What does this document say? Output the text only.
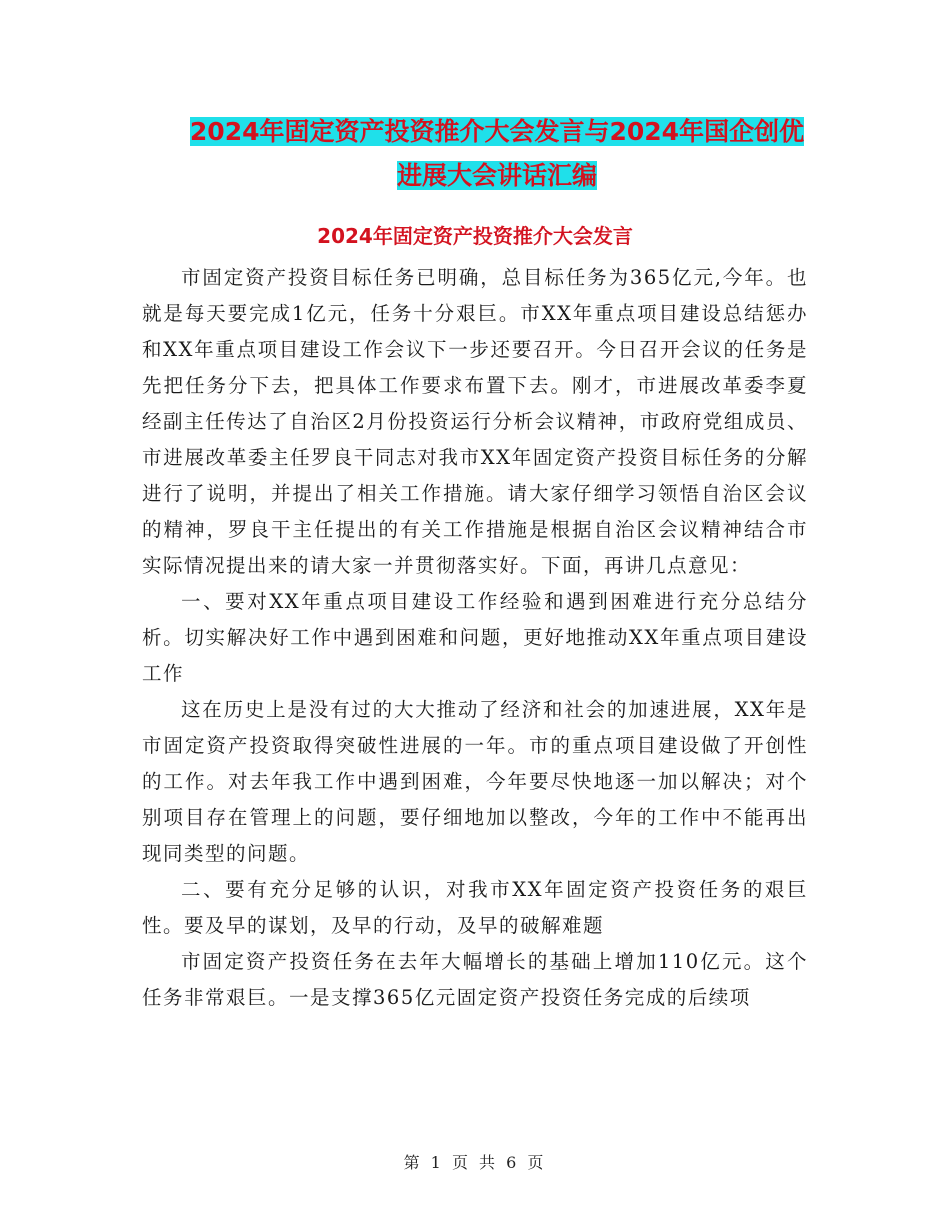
2024年固定资产投资推介大会发言与2024年国企创优
进展大会讲话汇编
2024年固定资产投资推介大会发言

市固定资产投资目标任务已明确，总目标任务为365亿元,今年。也就是每天要完成1亿元，任务十分艰巨。市XX年重点项目建设总结惩办和XX年重点项目建设工作会议下一步还要召开。今日召开会议的任务是先把任务分下去，把具体工作要求布置下去。刚才，市进展改革委李夏经副主任传达了自治区2月份投资运行分析会议精神，市政府党组成员、市进展改革委主任罗良干同志对我市XX年固定资产投资目标任务的分解进行了说明，并提出了相关工作措施。请大家仔细学习领悟自治区会议的精神，罗良干主任提出的有关工作措施是根据自治区会议精神结合市实际情况提出来的请大家一并贯彻落实好。下面，再讲几点意见：

一、要对XX年重点项目建设工作经验和遇到困难进行充分总结分析。切实解决好工作中遇到困难和问题，更好地推动XX年重点项目建设工作

这在历史上是没有过的大大推动了经济和社会的加速进展，XX年是市固定资产投资取得突破性进展的一年。市的重点项目建设做了开创性的工作。对去年我工作中遇到困难，今年要尽快地逐一加以解决；对个别项目存在管理上的问题，要仔细地加以整改，今年的工作中不能再出现同类型的问题。

二、要有充分足够的认识，对我市XX年固定资产投资任务的艰巨性。要及早的谋划，及早的行动，及早的破解难题

市固定资产投资任务在去年大幅增长的基础上增加110亿元。这个任务非常艰巨。一是支撑365亿元固定资产投资任务完成的后续项

第 1 页 共 6 页
